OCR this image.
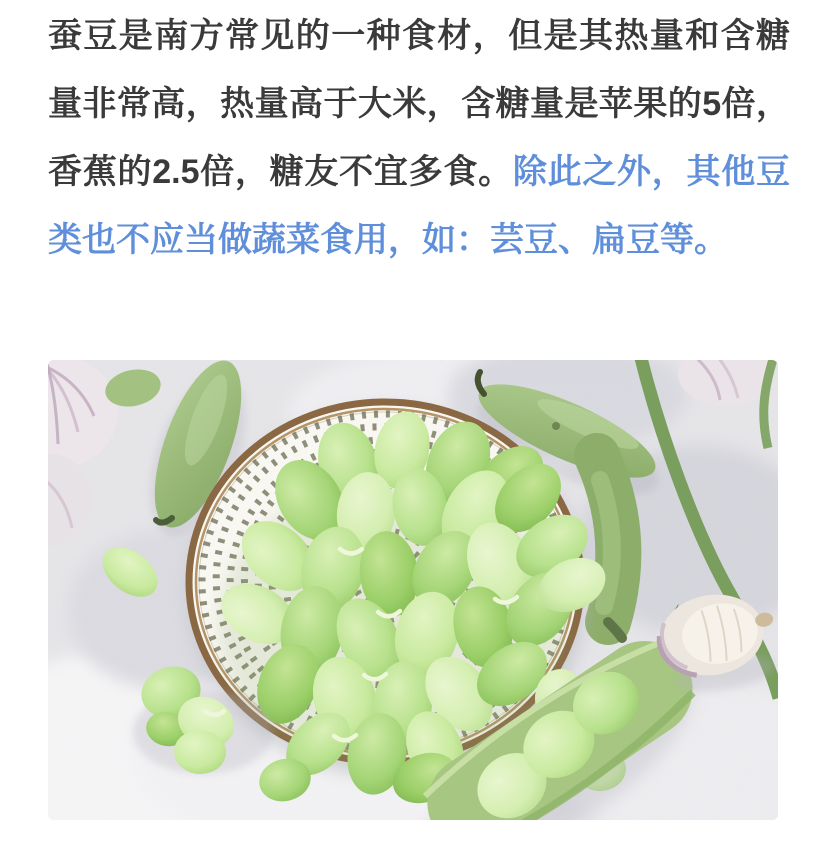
蚕豆是南方常见的一种食材，但是其热量和含糖量非常高，热量高于大米，含糖量是苹果的5倍，香蕉的2.5倍，糖友不宜多食。除此之外，其他豆类也不应当做蔬菜食用，如：芸豆、扁豆等。
